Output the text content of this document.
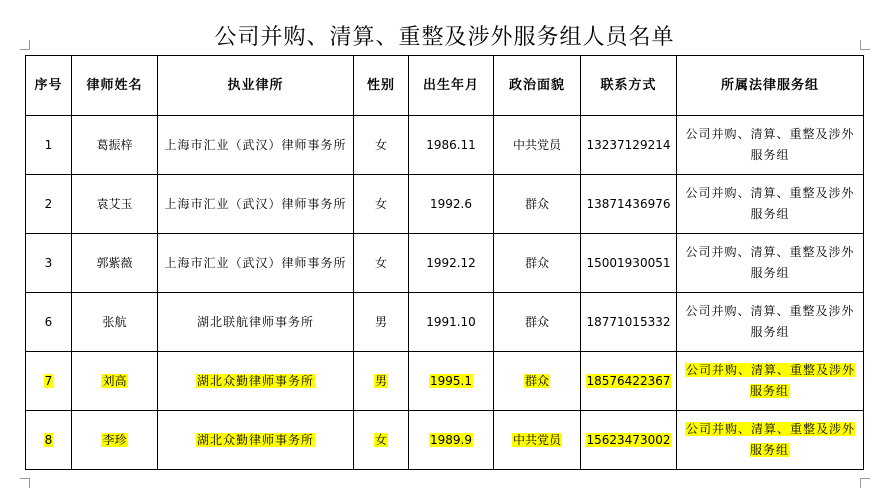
公司并购、清算、重整及涉外服务组人员名单
序号	律师姓名	执业律所	性别	出生年月	政治面貌	联系方式	所属法律服务组
1	葛振梓	上海市汇业（武汉）律师事务所	女	1986.11	中共党员	13237129214	公司并购、清算、重整及涉外服务组
2	袁艾玉	上海市汇业（武汉）律师事务所	女	1992.6	群众	13871436976	公司并购、清算、重整及涉外服务组
3	郭紫薇	上海市汇业（武汉）律师事务所	女	1992.12	群众	15001930051	公司并购、清算、重整及涉外服务组
6	张航	湖北联航律师事务所	男	1991.10	群众	18771015332	公司并购、清算、重整及涉外服务组
7	刘高	湖北众勤律师事务所	男	1995.1	群众	18576422367	公司并购、清算、重整及涉外服务组
8	李珍	湖北众勤律师事务所	女	1989.9	中共党员	15623473002	公司并购、清算、重整及涉外服务组
